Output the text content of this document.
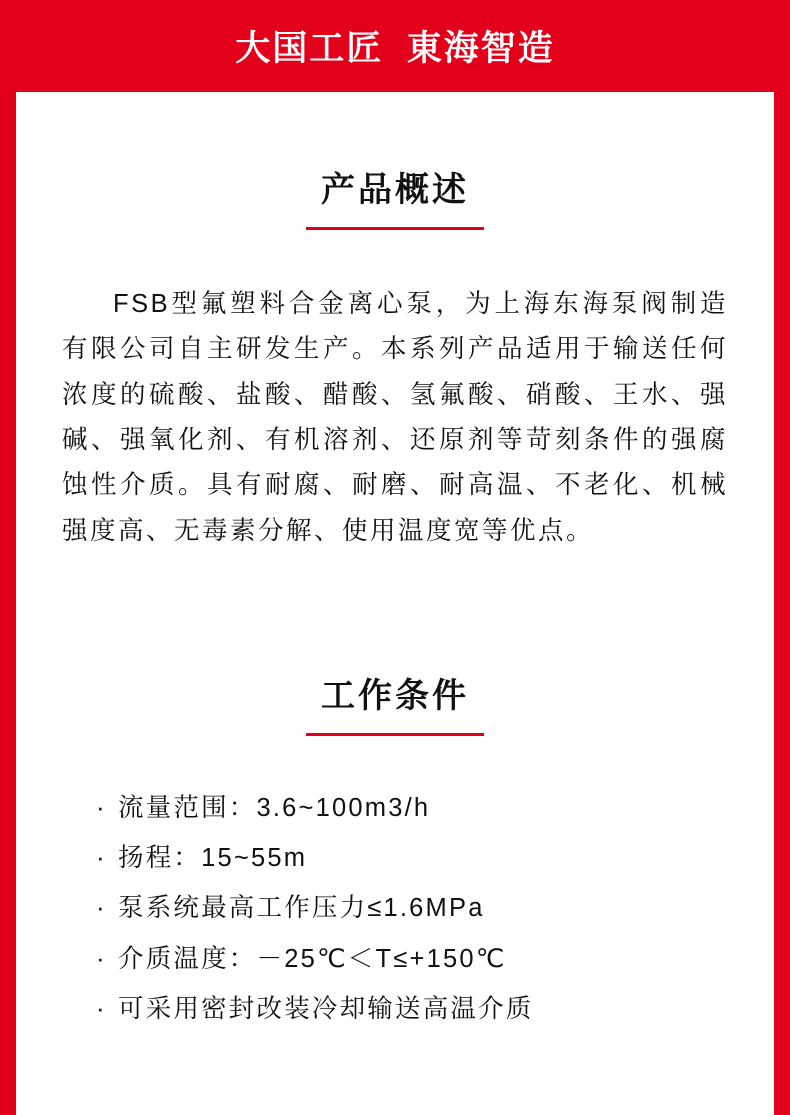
大国工匠  東海智造
产品概述

FSB型氟塑料合金离心泵，为上海东海泵阀制造有限公司自主研发生产。本系列产品适用于输送任何浓度的硫酸、盐酸、醋酸、氢氟酸、硝酸、王水、强碱、强氧化剂、有机溶剂、还原剂等苛刻条件的强腐蚀性介质。具有耐腐、耐磨、耐高温、不老化、机械强度高、无毒素分解、使用温度宽等优点。

工作条件
· 流量范围：3.6~100m3/h
· 扬程：15~55m
· 泵系统最高工作压力≤1.6MPa
· 介质温度：－25℃＜T≤+150℃
· 可采用密封改装冷却输送高温介质
